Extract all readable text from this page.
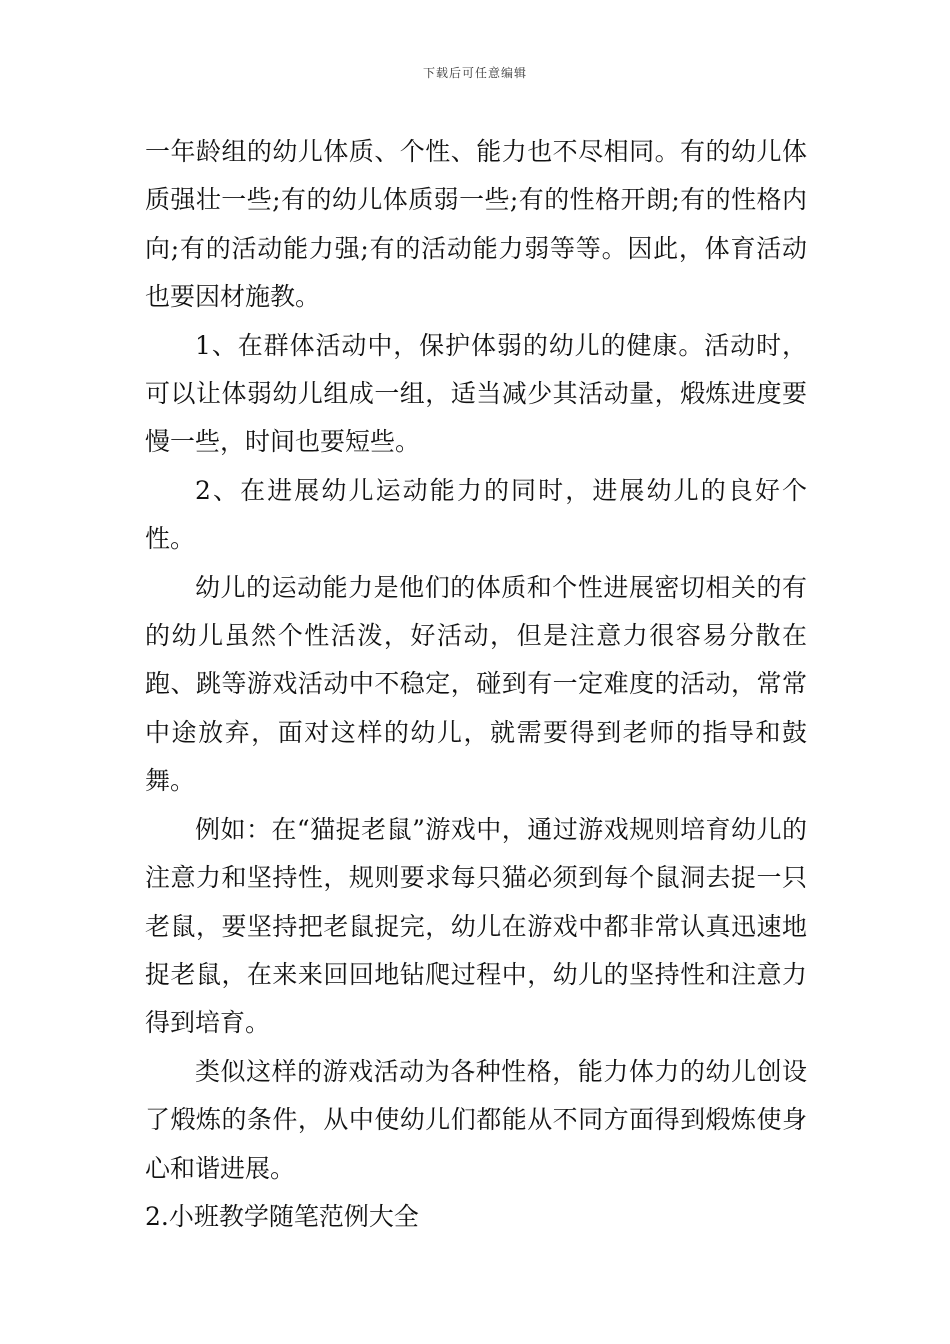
下载后可任意编辑

一年龄组的幼儿体质、个性、能力也不尽相同。有的幼儿体质强壮一些;有的幼儿体质弱一些;有的性格开朗;有的性格内向;有的活动能力强;有的活动能力弱等等。因此，体育活动也要因材施教。

1、在群体活动中，保护体弱的幼儿的健康。活动时，可以让体弱幼儿组成一组，适当减少其活动量，煅炼进度要慢一些，时间也要短些。

2、在进展幼儿运动能力的同时，进展幼儿的良好个性。

幼儿的运动能力是他们的体质和个性进展密切相关的有的幼儿虽然个性活泼，好活动，但是注意力很容易分散在跑、跳等游戏活动中不稳定，碰到有一定难度的活动，常常中途放弃，面对这样的幼儿，就需要得到老师的指导和鼓舞。

例如：在“猫捉老鼠”游戏中，通过游戏规则培育幼儿的注意力和坚持性，规则要求每只猫必须到每个鼠洞去捉一只老鼠，要坚持把老鼠捉完，幼儿在游戏中都非常认真迅速地捉老鼠，在来来回回地钻爬过程中，幼儿的坚持性和注意力得到培育。

类似这样的游戏活动为各种性格，能力体力的幼儿创设了煅炼的条件，从中使幼儿们都能从不同方面得到煅炼使身心和谐进展。

2.小班教学随笔范例大全
